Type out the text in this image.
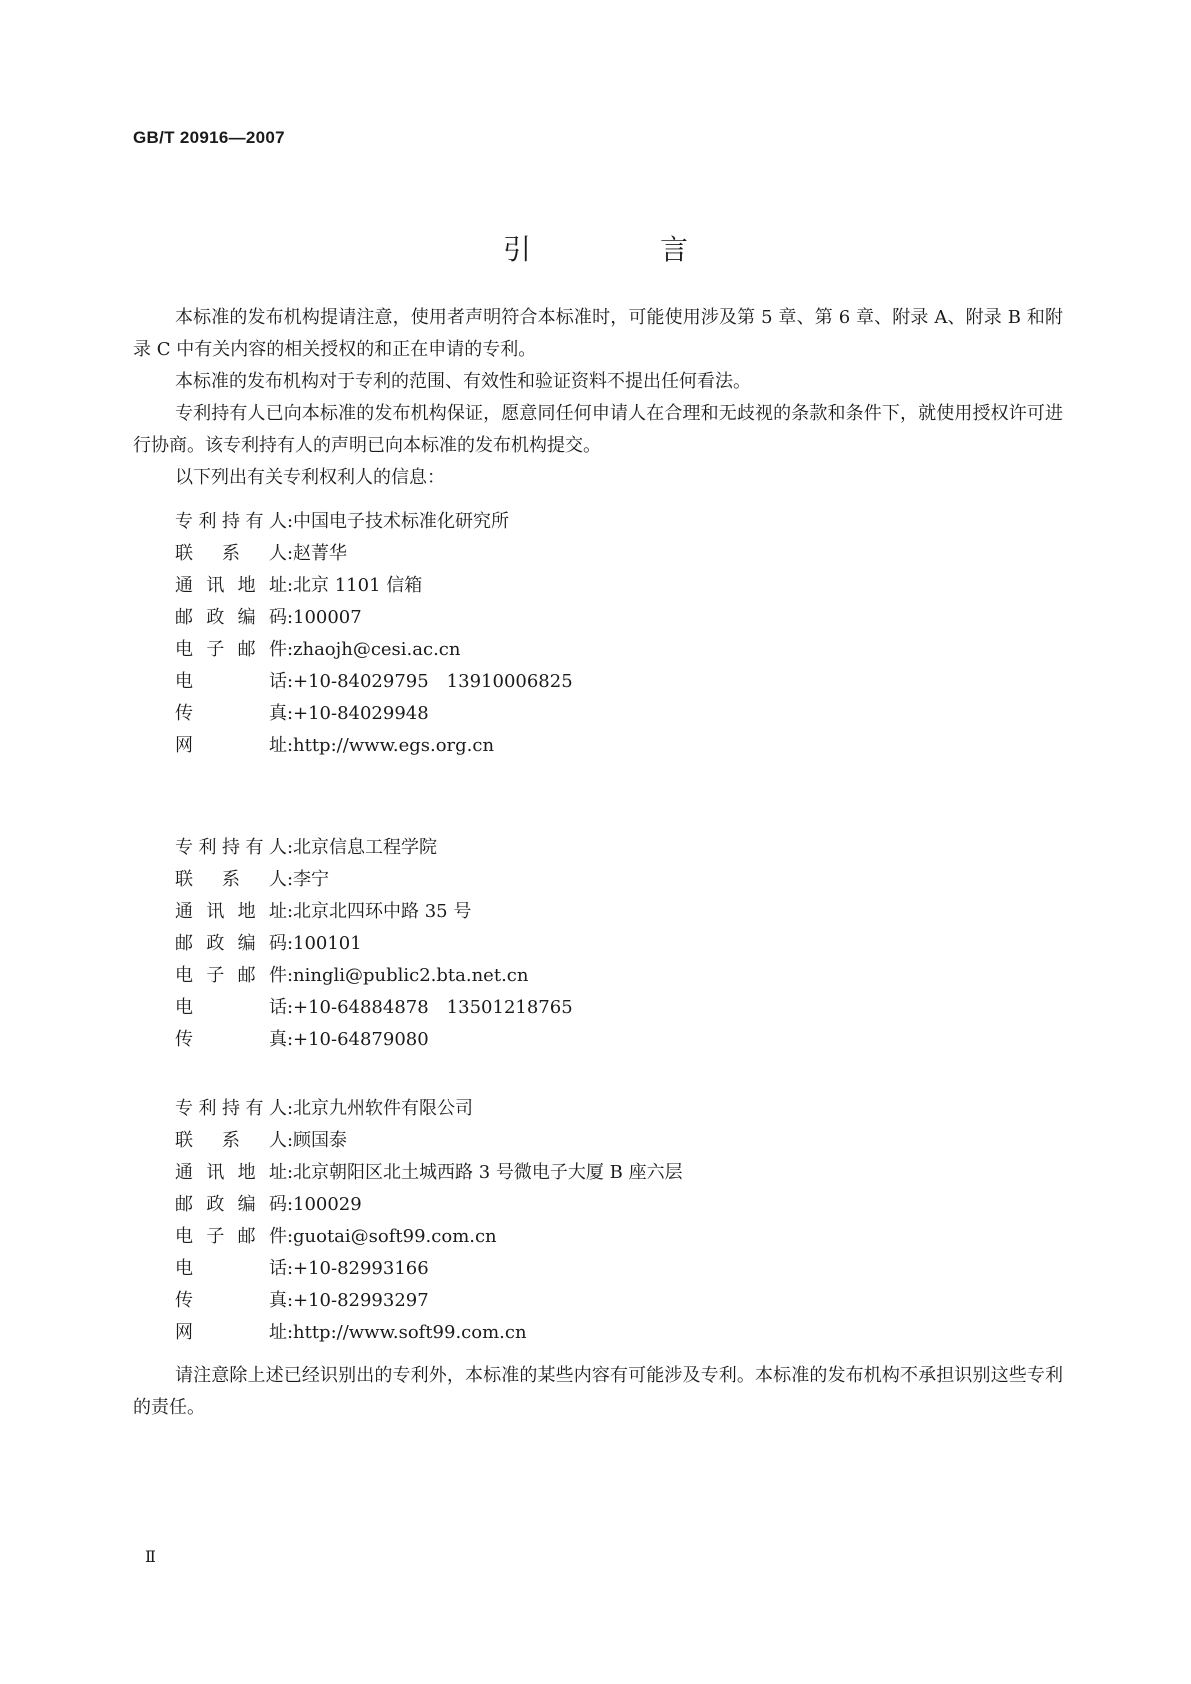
GB/T 20916—2007
引 言

本标准的发布机构提请注意，使用者声明符合本标准时，可能使用涉及第 5 章、第 6 章、附录 A、附录 B 和附录 C 中有关内容的相关授权的和正在申请的专利。

本标准的发布机构对于专利的范围、有效性和验证资料不提出任何看法。

专利持有人已向本标准的发布机构保证，愿意同任何申请人在合理和无歧视的条款和条件下，就使用授权许可进行协商。该专利持有人的声明已向本标准的发布机构提交。

以下列出有关专利权利人的信息：

专利持有人:中国电子技术标准化研究所
联 系 人:赵菁华
通讯地址:北京 1101 信箱
邮政编码:100007
电子邮件:zhaojh@cesi.ac.cn
电 话:+10-84029795　13910006825
传 真:+10-84029948
网 址:http://www.egs.org.cn
专利持有人:北京信息工程学院
联 系 人:李宁
通讯地址:北京北四环中路 35 号
邮政编码:100101
电子邮件:ningli@public2.bta.net.cn
电 话:+10-64884878　13501218765
传 真:+10-64879080
专利持有人:北京九州软件有限公司
联 系 人:顾国泰
通讯地址:北京朝阳区北土城西路 3 号微电子大厦 B 座六层
邮政编码:100029
电子邮件:guotai@soft99.com.cn
电 话:+10-82993166
传 真:+10-82993297
网 址:http://www.soft99.com.cn

请注意除上述已经识别出的专利外，本标准的某些内容有可能涉及专利。本标准的发布机构不承担识别这些专利的责任。

Ⅱ
